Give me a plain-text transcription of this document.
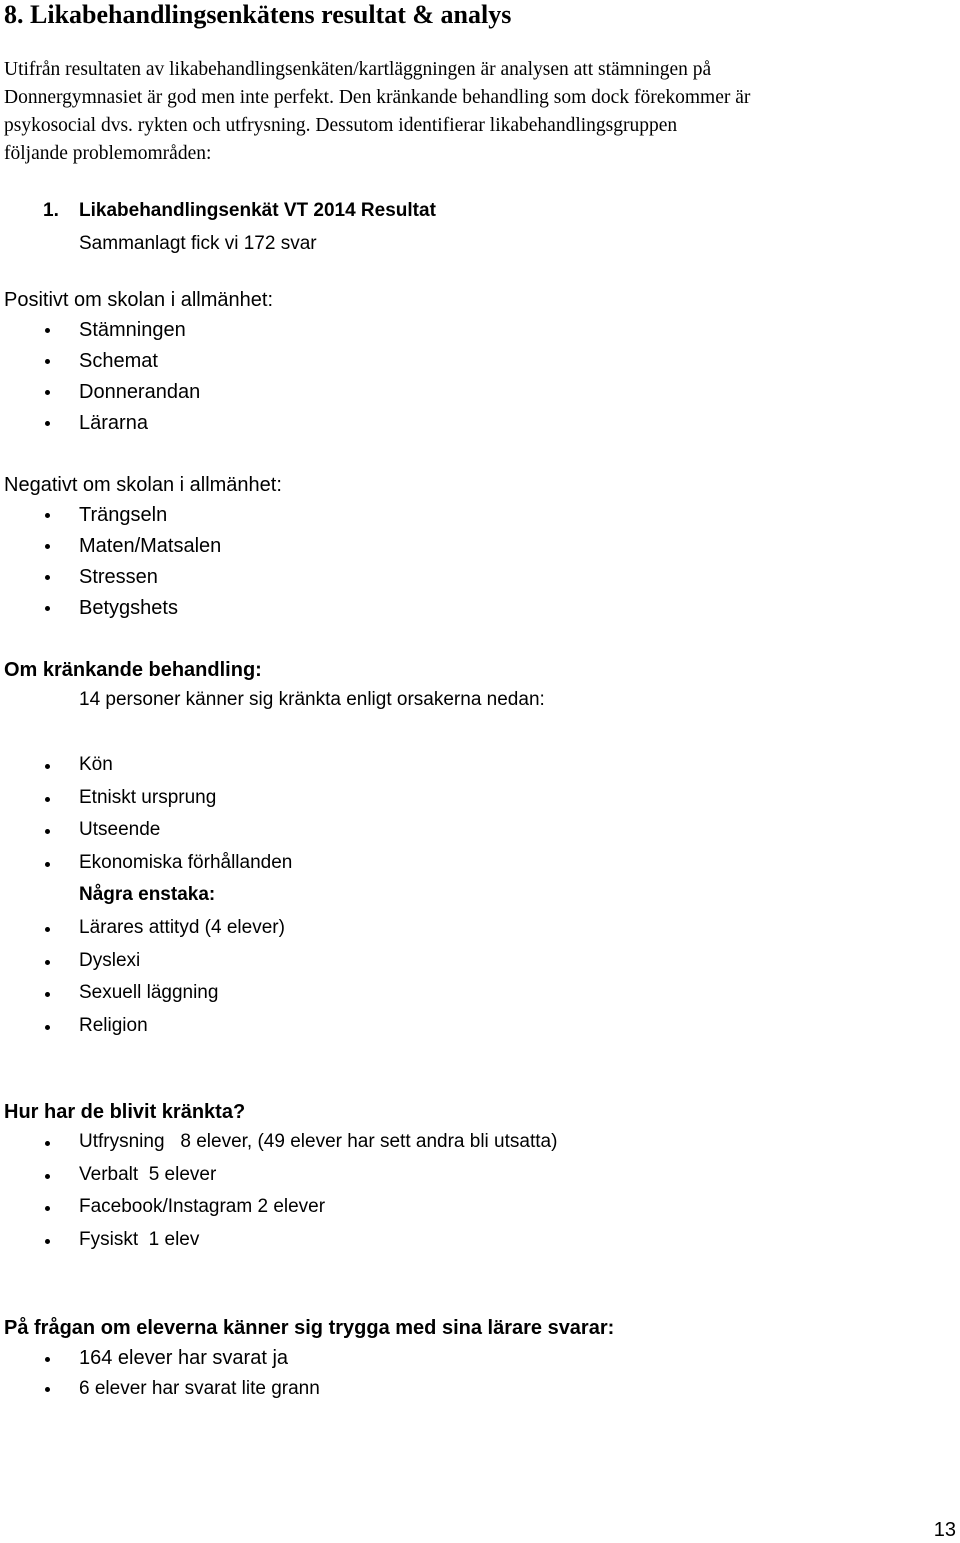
8. Likabehandlingsenkätens resultat & analys
Utifrån resultaten av likabehandlingsenkäten/kartläggningen är analysen att stämningen på
Donnergymnasiet är god men inte perfekt. Den kränkande behandling som dock förekommer är
psykosocial dvs. rykten och utfrysning. Dessutom identifierar likabehandlingsgruppen
följande problemområden:
1. Likabehandlingsenkät VT 2014 Resultat
Sammanlagt fick vi 172 svar
Positivt om skolan i allmänhet:
Stämningen
Schemat
Donnerandan
Lärarna
Negativt om skolan i allmänhet:
Trängseln
Maten/Matsalen
Stressen
Betygshets
Om kränkande behandling:
14 personer känner sig kränkta enligt orsakerna nedan:
Kön
Etniskt ursprung
Utseende
Ekonomiska förhållanden
Några enstaka:
Lärares attityd (4 elever)
Dyslexi
Sexuell läggning
Religion
Hur har de blivit kränkta?
Utfrysning   8 elever, (49 elever har sett andra bli utsatta)
Verbalt  5 elever
Facebook/Instagram 2 elever
Fysiskt  1 elev
På frågan om eleverna känner sig trygga med sina lärare svarar:
164 elever har svarat ja
6 elever har svarat lite grann
13
